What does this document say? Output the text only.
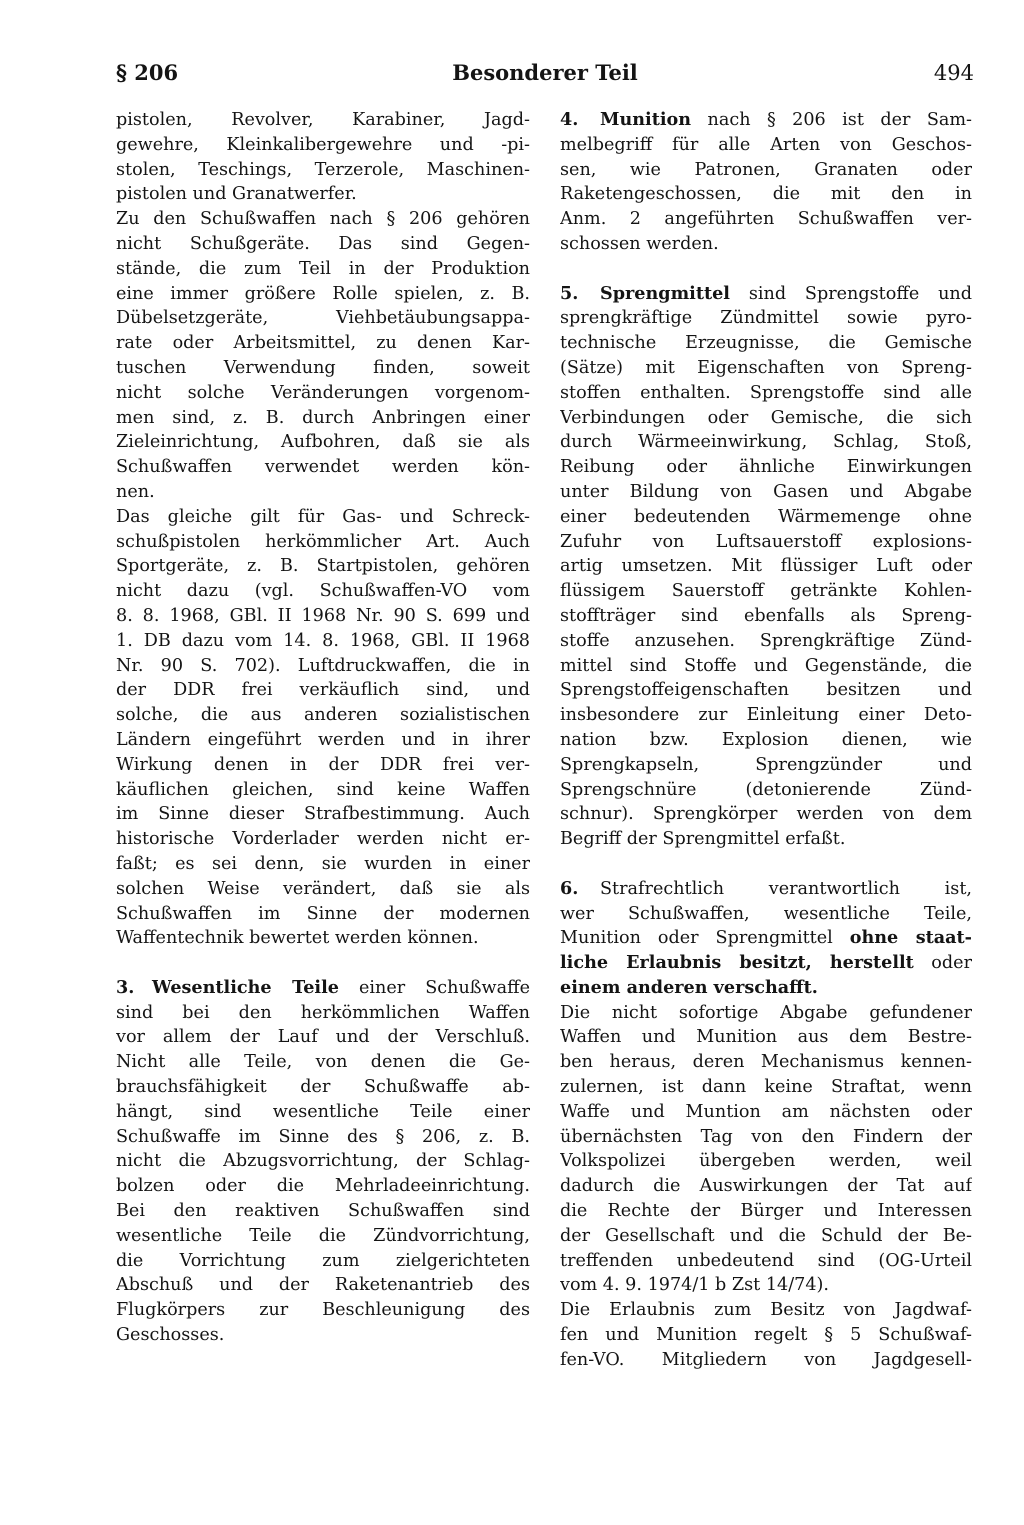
§ 206	Besonderer Teil	494
pistolen, Revolver, Karabiner, Jagd-
gewehre, Kleinkalibergewehre und -pi-
stolen, Teschings, Terzerole, Maschinen-
pistolen und Granatwerfer.
Zu den Schußwaffen nach § 206 gehören
nicht Schußgeräte. Das sind Gegen-
stände, die zum Teil in der Produktion
eine immer größere Rolle spielen, z. B.
Dübelsetzgeräte, Viehbetäubungsappa-
rate oder Arbeitsmittel, zu denen Kar-
tuschen Verwendung finden, soweit
nicht solche Veränderungen vorgenom-
men sind, z. B. durch Anbringen einer
Zieleinrichtung, Aufbohren, daß sie als
Schußwaffen verwendet werden kön-
nen.
Das gleiche gilt für Gas- und Schreck-
schußpistolen herkömmlicher Art. Auch
Sportgeräte, z. B. Startpistolen, gehören
nicht dazu (vgl. Schußwaffen-VO vom
8. 8. 1968, GBl. II 1968 Nr. 90 S. 699 und
1. DB dazu vom 14. 8. 1968, GBl. II 1968
Nr. 90 S. 702). Luftdruckwaffen, die in
der DDR frei verkäuflich sind, und
solche, die aus anderen sozialistischen
Ländern eingeführt werden und in ihrer
Wirkung denen in der DDR frei ver-
käuflichen gleichen, sind keine Waffen
im Sinne dieser Strafbestimmung. Auch
historische Vorderlader werden nicht er-
faßt; es sei denn, sie wurden in einer
solchen Weise verändert, daß sie als
Schußwaffen im Sinne der modernen
Waffentechnik bewertet werden können.
3. Wesentliche Teile einer Schußwaffe
sind bei den herkömmlichen Waffen
vor allem der Lauf und der Verschluß.
Nicht alle Teile, von denen die Ge-
brauchsfähigkeit der Schußwaffe ab-
hängt, sind wesentliche Teile einer
Schußwaffe im Sinne des § 206, z. B.
nicht die Abzugsvorrichtung, der Schlag-
bolzen oder die Mehrladeeinrichtung.
Bei den reaktiven Schußwaffen sind
wesentliche Teile die Zündvorrichtung,
die Vorrichtung zum zielgerichteten
Abschuß und der Raketenantrieb des
Flugkörpers zur Beschleunigung des
Geschosses.
4. Munition nach § 206 ist der Sam-
melbegriff für alle Arten von Geschos-
sen, wie Patronen, Granaten oder
Raketengeschossen, die mit den in
Anm. 2 angeführten Schußwaffen ver-
schossen werden.
5. Sprengmittel sind Sprengstoffe und
sprengkräftige Zündmittel sowie pyro-
technische Erzeugnisse, die Gemische
(Sätze) mit Eigenschaften von Spreng-
stoffen enthalten. Sprengstoffe sind alle
Verbindungen oder Gemische, die sich
durch Wärmeeinwirkung, Schlag, Stoß,
Reibung oder ähnliche Einwirkungen
unter Bildung von Gasen und Abgabe
einer bedeutenden Wärmemenge ohne
Zufuhr von Luftsauerstoff explosions-
artig umsetzen. Mit flüssiger Luft oder
flüssigem Sauerstoff getränkte Kohlen-
stoffträger sind ebenfalls als Spreng-
stoffe anzusehen. Sprengkräftige Zünd-
mittel sind Stoffe und Gegenstände, die
Sprengstoffeigenschaften besitzen und
insbesondere zur Einleitung einer Deto-
nation bzw. Explosion dienen, wie
Sprengkapseln, Sprengzünder und
Sprengschnüre (detonierende Zünd-
schnur). Sprengkörper werden von dem
Begriff der Sprengmittel erfaßt.
6. Strafrechtlich verantwortlich ist,
wer Schußwaffen, wesentliche Teile,
Munition oder Sprengmittel ohne staat-
liche Erlaubnis besitzt, herstellt oder
einem anderen verschafft.
Die nicht sofortige Abgabe gefundener
Waffen und Munition aus dem Bestre-
ben heraus, deren Mechanismus kennen-
zulernen, ist dann keine Straftat, wenn
Waffe und Muntion am nächsten oder
übernächsten Tag von den Findern der
Volkspolizei übergeben werden, weil
dadurch die Auswirkungen der Tat auf
die Rechte der Bürger und Interessen
der Gesellschaft und die Schuld der Be-
treffenden unbedeutend sind (OG-Urteil
vom 4. 9. 1974/1 b Zst 14/74).
Die Erlaubnis zum Besitz von Jagdwaf-
fen und Munition regelt § 5 Schußwaf-
fen-VO. Mitgliedern von Jagdgesell-
